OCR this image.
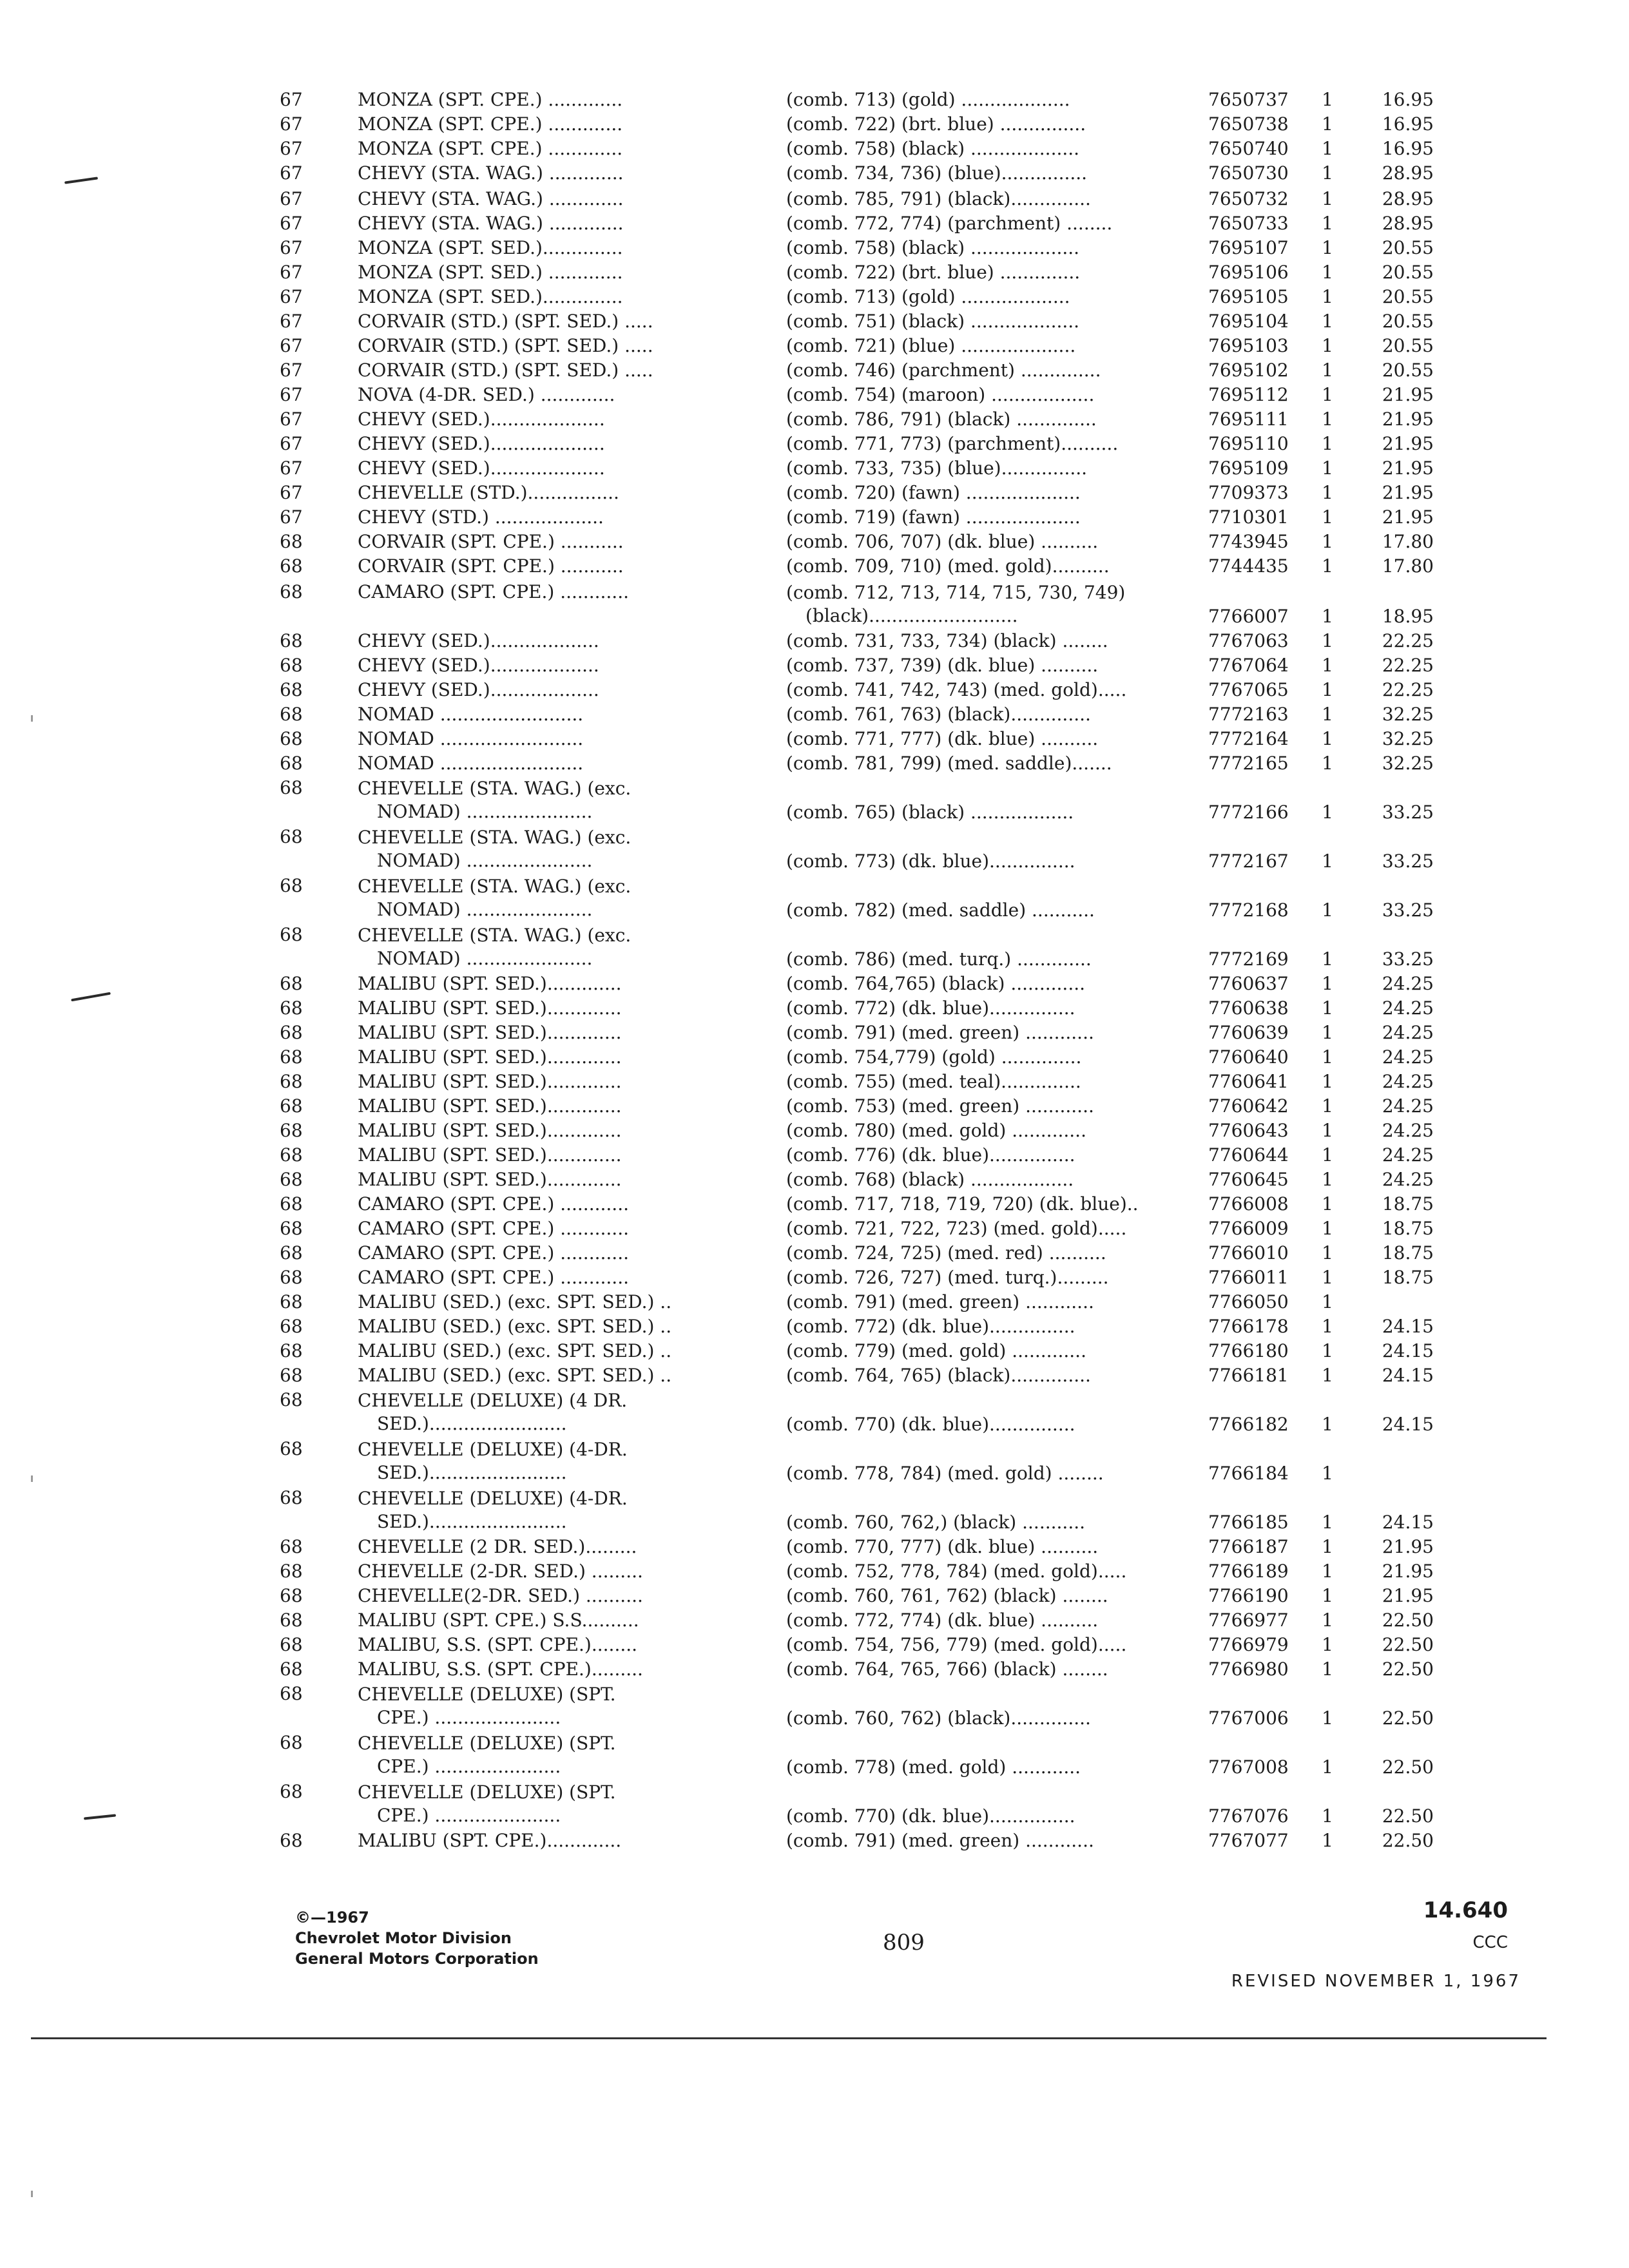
67	MONZA (SPT. CPE.) .............	(comb. 713) (gold) ...................	7650737	1	16.95
67	MONZA (SPT. CPE.) .............	(comb. 722) (brt. blue) ...............	7650738	1	16.95
67	MONZA (SPT. CPE.) .............	(comb. 758) (black) ...................	7650740	1	16.95
67	CHEVY (STA. WAG.) .............	(comb. 734, 736) (blue)...............	7650730	1	28.95
67	CHEVY (STA. WAG.) .............	(comb. 785, 791) (black)..............	7650732	1	28.95
67	CHEVY (STA. WAG.) .............	(comb. 772, 774) (parchment) ........	7650733	1	28.95
67	MONZA (SPT. SED.)..............	(comb. 758) (black) ...................	7695107	1	20.55
67	MONZA (SPT. SED.) .............	(comb. 722) (brt. blue) ..............	7695106	1	20.55
67	MONZA (SPT. SED.)..............	(comb. 713) (gold) ...................	7695105	1	20.55
67	CORVAIR (STD.) (SPT. SED.) .....	(comb. 751) (black) ...................	7695104	1	20.55
67	CORVAIR (STD.) (SPT. SED.) .....	(comb. 721) (blue) ....................	7695103	1	20.55
67	CORVAIR (STD.) (SPT. SED.) .....	(comb. 746) (parchment) ..............	7695102	1	20.55
67	NOVA (4-DR. SED.) .............	(comb. 754) (maroon) ..................	7695112	1	21.95
67	CHEVY (SED.)....................	(comb. 786, 791) (black) ..............	7695111	1	21.95
67	CHEVY (SED.)....................	(comb. 771, 773) (parchment)..........	7695110	1	21.95
67	CHEVY (SED.)....................	(comb. 733, 735) (blue)...............	7695109	1	21.95
67	CHEVELLE (STD.)................	(comb. 720) (fawn) ....................	7709373	1	21.95
67	CHEVY (STD.) ...................	(comb. 719) (fawn) ....................	7710301	1	21.95
68	CORVAIR (SPT. CPE.) ...........	(comb. 706, 707) (dk. blue) ..........	7743945	1	17.80
68	CORVAIR (SPT. CPE.) ...........	(comb. 709, 710) (med. gold)..........	7744435	1	17.80
68	CAMARO (SPT. CPE.) ............	(comb. 712, 713, 714, 715, 730, 749)
(black)..........................	7766007	1	18.95
68	CHEVY (SED.)...................	(comb. 731, 733, 734) (black) ........	7767063	1	22.25
68	CHEVY (SED.)...................	(comb. 737, 739) (dk. blue) ..........	7767064	1	22.25
68	CHEVY (SED.)...................	(comb. 741, 742, 743) (med. gold).....	7767065	1	22.25
68	NOMAD .........................	(comb. 761, 763) (black)..............	7772163	1	32.25
68	NOMAD .........................	(comb. 771, 777) (dk. blue) ..........	7772164	1	32.25
68	NOMAD .........................	(comb. 781, 799) (med. saddle).......	7772165	1	32.25
68	CHEVELLE (STA. WAG.) (exc.
NOMAD) ......................	(comb. 765) (black) ..................	7772166	1	33.25
68	CHEVELLE (STA. WAG.) (exc.
NOMAD) ......................	(comb. 773) (dk. blue)...............	7772167	1	33.25
68	CHEVELLE (STA. WAG.) (exc.
NOMAD) ......................	(comb. 782) (med. saddle) ...........	7772168	1	33.25
68	CHEVELLE (STA. WAG.) (exc.
NOMAD) ......................	(comb. 786) (med. turq.) .............	7772169	1	33.25
68	MALIBU (SPT. SED.).............	(comb. 764,765) (black) .............	7760637	1	24.25
68	MALIBU (SPT. SED.).............	(comb. 772) (dk. blue)...............	7760638	1	24.25
68	MALIBU (SPT. SED.).............	(comb. 791) (med. green) ............	7760639	1	24.25
68	MALIBU (SPT. SED.).............	(comb. 754,779) (gold) ..............	7760640	1	24.25
68	MALIBU (SPT. SED.).............	(comb. 755) (med. teal)..............	7760641	1	24.25
68	MALIBU (SPT. SED.).............	(comb. 753) (med. green) ............	7760642	1	24.25
68	MALIBU (SPT. SED.).............	(comb. 780) (med. gold) .............	7760643	1	24.25
68	MALIBU (SPT. SED.).............	(comb. 776) (dk. blue)...............	7760644	1	24.25
68	MALIBU (SPT. SED.).............	(comb. 768) (black) ..................	7760645	1	24.25
68	CAMARO (SPT. CPE.) ............	(comb. 717, 718, 719, 720) (dk. blue)..	7766008	1	18.75
68	CAMARO (SPT. CPE.) ............	(comb. 721, 722, 723) (med. gold).....	7766009	1	18.75
68	CAMARO (SPT. CPE.) ............	(comb. 724, 725) (med. red) ..........	7766010	1	18.75
68	CAMARO (SPT. CPE.) ............	(comb. 726, 727) (med. turq.).........	7766011	1	18.75
68	MALIBU (SED.) (exc. SPT. SED.) ..	(comb. 791) (med. green) ............	7766050	1
68	MALIBU (SED.) (exc. SPT. SED.) ..	(comb. 772) (dk. blue)...............	7766178	1	24.15
68	MALIBU (SED.) (exc. SPT. SED.) ..	(comb. 779) (med. gold) .............	7766180	1	24.15
68	MALIBU (SED.) (exc. SPT. SED.) ..	(comb. 764, 765) (black)..............	7766181	1	24.15
68	CHEVELLE (DELUXE) (4 DR.
SED.)........................	(comb. 770) (dk. blue)...............	7766182	1	24.15
68	CHEVELLE (DELUXE) (4-DR.
SED.)........................	(comb. 778, 784) (med. gold) ........	7766184	1
68	CHEVELLE (DELUXE) (4-DR.
SED.)........................	(comb. 760, 762,) (black) ...........	7766185	1	24.15
68	CHEVELLE (2 DR. SED.).........	(comb. 770, 777) (dk. blue) ..........	7766187	1	21.95
68	CHEVELLE (2-DR. SED.) .........	(comb. 752, 778, 784) (med. gold).....	7766189	1	21.95
68	CHEVELLE(2-DR. SED.) ..........	(comb. 760, 761, 762) (black) ........	7766190	1	21.95
68	MALIBU (SPT. CPE.) S.S..........	(comb. 772, 774) (dk. blue) ..........	7766977	1	22.50
68	MALIBU, S.S. (SPT. CPE.)........	(comb. 754, 756, 779) (med. gold).....	7766979	1	22.50
68	MALIBU, S.S. (SPT. CPE.).........	(comb. 764, 765, 766) (black) ........	7766980	1	22.50
68	CHEVELLE (DELUXE) (SPT.
CPE.) ......................	(comb. 760, 762) (black)..............	7767006	1	22.50
68	CHEVELLE (DELUXE) (SPT.
CPE.) ......................	(comb. 778) (med. gold) ............	7767008	1	22.50
68	CHEVELLE (DELUXE) (SPT.
CPE.) ......................	(comb. 770) (dk. blue)...............	7767076	1	22.50
68	MALIBU (SPT. CPE.).............	(comb. 791) (med. green) ............	7767077	1	22.50
©—1967
Chevrolet Motor Division
General Motors Corporation
809
14.640
CCC
REVISED NOVEMBER 1, 1967
